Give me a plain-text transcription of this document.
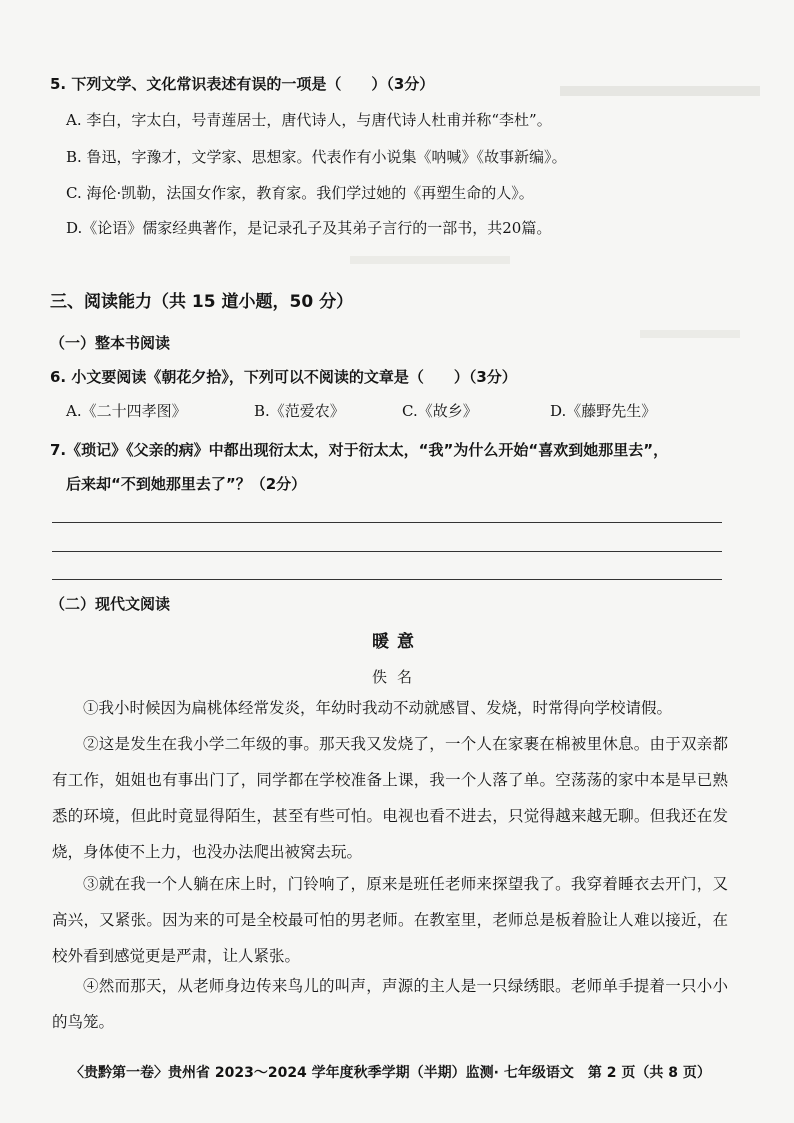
5. 下列文学、文化常识表述有误的一项是（　　）（3分）
A. 李白，字太白，号青莲居士，唐代诗人，与唐代诗人杜甫并称“李杜”。
B. 鲁迅，字豫才，文学家、思想家。代表作有小说集《呐喊》《故事新编》。
C. 海伦·凯勒，法国女作家，教育家。我们学过她的《再塑生命的人》。
D.《论语》儒家经典著作，是记录孔子及其弟子言行的一部书，共20篇。
三、阅读能力（共 15 道小题，50 分）
（一）整本书阅读
6. 小文要阅读《朝花夕拾》，下列可以不阅读的文章是（　　）（3分）
A.《二十四孝图》	B.《范爱农》	C.《故乡》	D.《藤野先生》
7.《琐记》《父亲的病》中都出现衍太太，对于衍太太，“我”为什么开始“喜欢到她那里去”，
后来却“不到她那里去了”？（2分）
（二）现代文阅读
暖意
佚名
①我小时候因为扁桃体经常发炎，年幼时我动不动就感冒、发烧，时常得向学校请假。
②这是发生在我小学二年级的事。那天我又发烧了，一个人在家裹在棉被里休息。由于双亲都有工作，姐姐也有事出门了，同学都在学校准备上课，我一个人落了单。空荡荡的家中本是早已熟悉的环境，但此时竟显得陌生，甚至有些可怕。电视也看不进去，只觉得越来越无聊。但我还在发烧，身体使不上力，也没办法爬出被窝去玩。
③就在我一个人躺在床上时，门铃响了，原来是班任老师来探望我了。我穿着睡衣去开门，又高兴，又紧张。因为来的可是全校最可怕的男老师。在教室里，老师总是板着脸让人难以接近，在校外看到感觉更是严肃，让人紧张。
④然而那天，从老师身边传来鸟儿的叫声，声源的主人是一只绿绣眼。老师单手提着一只小小的鸟笼。
〈贵黔第一卷〉贵州省 2023～2024 学年度秋季学期（半期）监测· 七年级语文　第 2 页（共 8 页）
